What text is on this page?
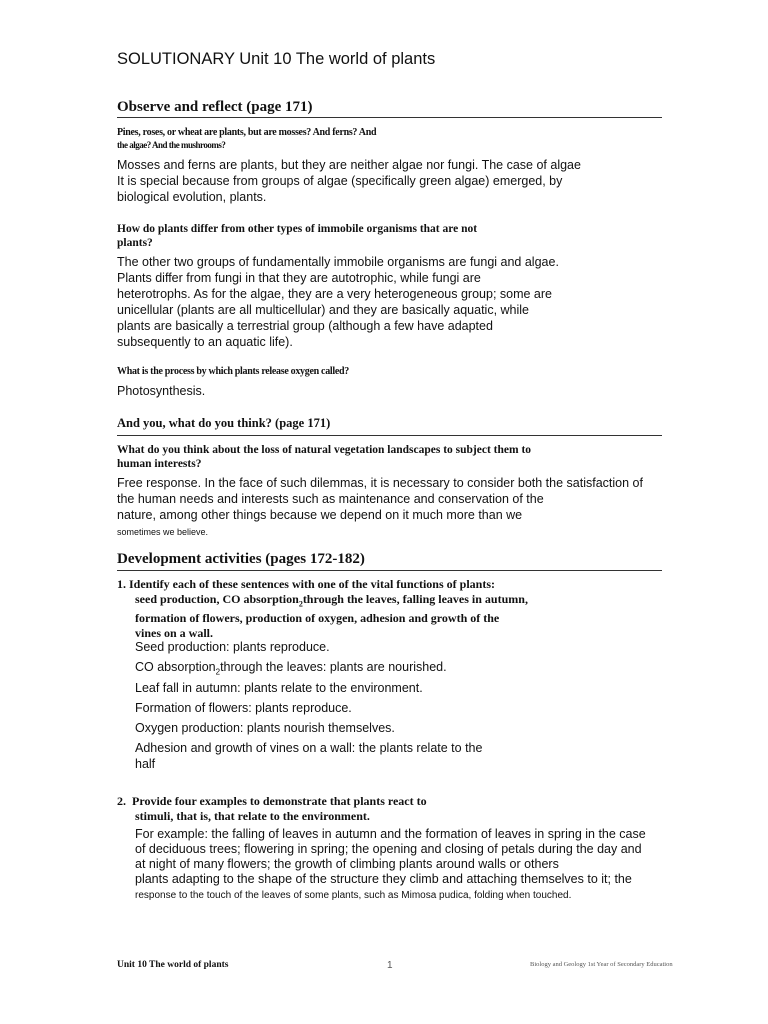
SOLUTIONARY Unit 10 The world of plants
Observe and reflect (page 171)

Pines, roses, or wheat are plants, but are mosses? And ferns? And
the algae? And the mushrooms?

Mosses and ferns are plants, but they are neither algae nor fungi. The case of algae
It is special because from groups of algae (specifically green algae) emerged, by
biological evolution, plants.

How do plants differ from other types of immobile organisms that are not
plants?

The other two groups of fundamentally immobile organisms are fungi and algae.
Plants differ from fungi in that they are autotrophic, while fungi are
heterotrophs. As for the algae, they are a very heterogeneous group; some are
unicellular (plants are all multicellular) and they are basically aquatic, while
plants are basically a terrestrial group (although a few have adapted
subsequently to an aquatic life).

What is the process by which plants release oxygen called?

Photosynthesis.

And you, what do you think? (page 171)

What do you think about the loss of natural vegetation landscapes to subject them to
human interests?

Free response. In the face of such dilemmas, it is necessary to consider both the satisfaction of
the human needs and interests such as maintenance and conservation of the
nature, among other things because we depend on it much more than we
sometimes we believe.

Development activities (pages 172-182)
1. Identify each of these sentences with one of the vital functions of plants:
seed production, CO absorption$_2$through the leaves, falling leaves in autumn,
formation of flowers, production of oxygen, adhesion and growth of the
vines on a wall.

Seed production: plants reproduce.

CO absorption$_2$through the leaves: plants are nourished.

Leaf fall in autumn: plants relate to the environment.

Formation of flowers: plants reproduce.

Oxygen production: plants nourish themselves.

Adhesion and growth of vines on a wall: the plants relate to the
half

2.  Provide four examples to demonstrate that plants react to
stimuli, that is, that relate to the environment.

For example: the falling of leaves in autumn and the formation of leaves in spring in the case
of deciduous trees; flowering in spring; the opening and closing of petals during the day and
at night of many flowers; the growth of climbing plants around walls or others
plants adapting to the shape of the structure they climb and attaching themselves to it; the
response to the touch of the leaves of some plants, such as Mimosa pudica, folding when touched.

Unit 10 The world of plants	1	Biology and Geology 1st Year of Secondary Education
